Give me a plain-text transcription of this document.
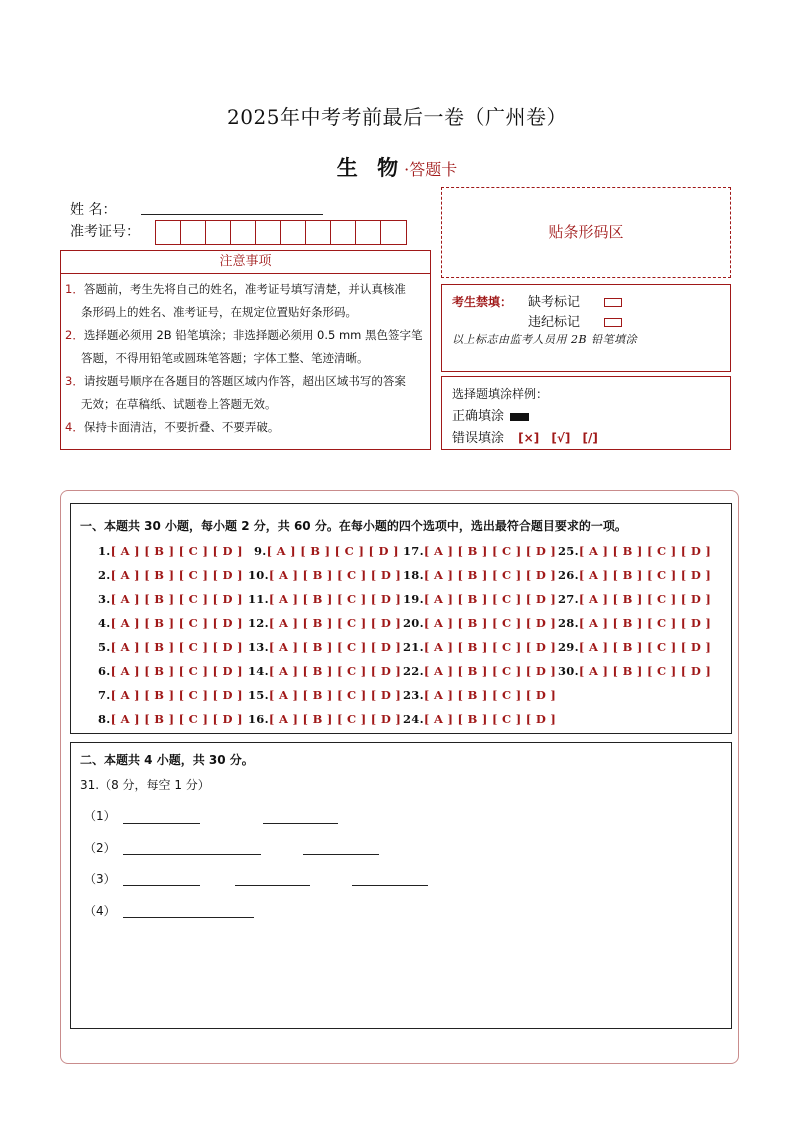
2025年中考考前最后一卷（广州卷）
生 物·答题卡
姓 名：
准考证号：
注意事项
1．答题前，考生先将自己的姓名，准考证号填写清楚，并认真核准
条形码上的姓名、准考证号，在规定位置贴好条形码。
2．选择题必须用 2B 铅笔填涂；非选择题必须用 0.5 mm 黑色签字笔
答题，不得用铅笔或圆珠笔答题；字体工整、笔迹清晰。
3．请按题号顺序在各题目的答题区域内作答，超出区域书写的答案
无效；在草稿纸、试题卷上答题无效。
4．保持卡面清洁，不要折叠、不要弄破。
贴条形码区
考生禁填： 缺考标记
违纪标记
以上标志由监考人员用 2B 铅笔填涂
选择题填涂样例：
正确填涂
错误填涂 [×] [√] [/]
一、本题共 30 小题，每小题 2 分，共 60 分。在每小题的四个选项中，选出最符合题目要求的一项。
1.[ A ] [ B ] [ C ] [ D ]
2.[ A ] [ B ] [ C ] [ D ]
3.[ A ] [ B ] [ C ] [ D ]
4.[ A ] [ B ] [ C ] [ D ]
5.[ A ] [ B ] [ C ] [ D ]
6.[ A ] [ B ] [ C ] [ D ]
7.[ A ] [ B ] [ C ] [ D ]
8.[ A ] [ B ] [ C ] [ D ]
9.[ A ] [ B ] [ C ] [ D ]
10.[ A ] [ B ] [ C ] [ D ]
11.[ A ] [ B ] [ C ] [ D ]
12.[ A ] [ B ] [ C ] [ D ]
13.[ A ] [ B ] [ C ] [ D ]
14.[ A ] [ B ] [ C ] [ D ]
15.[ A ] [ B ] [ C ] [ D ]
16.[ A ] [ B ] [ C ] [ D ]
17.[ A ] [ B ] [ C ] [ D ]
18.[ A ] [ B ] [ C ] [ D ]
19.[ A ] [ B ] [ C ] [ D ]
20.[ A ] [ B ] [ C ] [ D ]
21.[ A ] [ B ] [ C ] [ D ]
22.[ A ] [ B ] [ C ] [ D ]
23.[ A ] [ B ] [ C ] [ D ]
24.[ A ] [ B ] [ C ] [ D ]
25.[ A ] [ B ] [ C ] [ D ]
26.[ A ] [ B ] [ C ] [ D ]
27.[ A ] [ B ] [ C ] [ D ]
28.[ A ] [ B ] [ C ] [ D ]
29.[ A ] [ B ] [ C ] [ D ]
30.[ A ] [ B ] [ C ] [ D ]
二、本题共 4 小题，共 30 分。
31.（8 分，每空 1 分）
（1）
（2）
（3）
（4）
